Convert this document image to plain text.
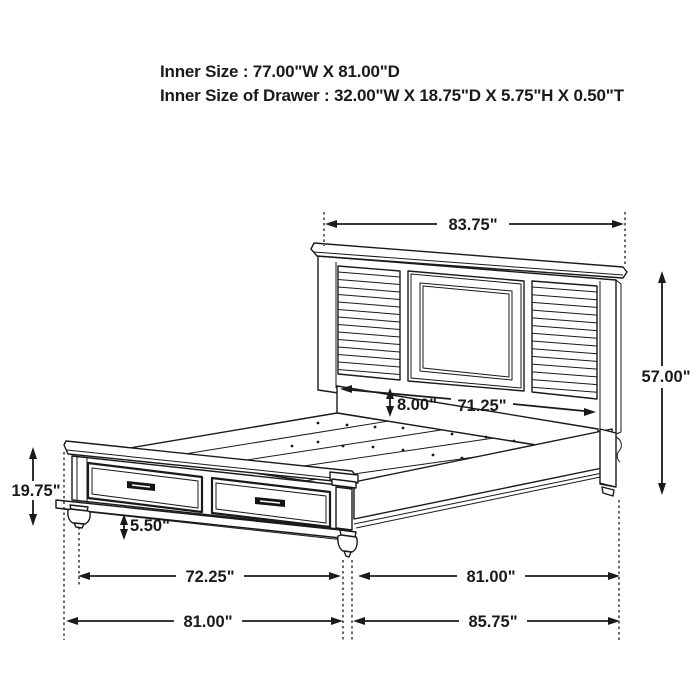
Inner Size : 77.00"W X 81.00"D
Inner Size of Drawer : 32.00"W X 18.75"D X 5.75"H X 0.50"T
83.75"
57.00"
8.00" 71.25"
19.75"
5.50"
72.25"	81.00"
81.00"	85.75"
